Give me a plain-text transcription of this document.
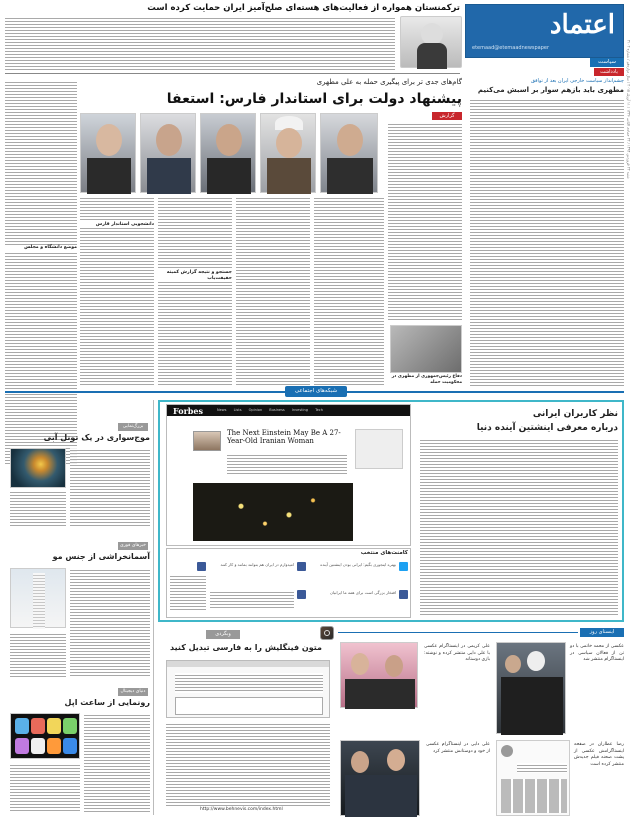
اعتماد
etemaad@etemaadnewspaper
سیاست
شنبه ۲۲ فروردین ۱۳۹۴ / ۲۲ جمادی الثانی ۱۴۳۶ / ۱۱ آوریل ۲۰۱۵ / سال دوازدهم / شماره ۳۱۰۲
ترکمنستان همواره از فعالیت‌های هسته‌ای صلح‌آمیز ایران حمایت کرده است
یادداشت
چشم‌انداز سیاست خارجی ایران بعد از توافق
مطهری باید بازهم سوار بر اسبش می‌کنیم
گام‌های جدی تر برای پیگیری حمله به علی مطهری
پیشنهاد دولت برای استاندار فارس: استعفا
جستجو و نتیجه گزارش کمیته حقیقت‌یاب
دانشجویی استاندار فارس
موضع دانشگاه و مجلس
گزارش
دفاع رئیس‌جمهوری از مطهری در محکومیت حمله
شبکه‌های اجتماعی
بزرگ‌نمایی
موج‌سواری در یک تونل آبی
خبرهای فوری
آسمانخراشی از جنس مو
دنیای دیجیتال
رونمایی از ساعت اپل
نظر کاربران ایرانی
درباره معرفی اینشتین آینده دنیا
Forbes	News Lists Opinion Business Investing Tech
The Next Einstein May Be A 27-Year-Old Iranian Woman
کامنت‌های منتخب
بهتره اینجوری بگیم: ایرانی بودن اینشتین آینده
امیدوارم در ایران هم بتوانند بمانند و کار کنند
افتخار بزرگی است برای همه ما ایرانیان
اینستای روز
عکسی از محمد خاتمی با دو تن از فعالان سیاسی در اینستاگرام منتشر شد
علی کریمی در اینستاگرام عکسی با علی دایی منتشر کرده و نوشته: بازی دوستانه
رضا عطاران در صفحه اینستاگرامش عکسی از پشت صحنه فیلم جدیدش منتشر کرده است
علی دایی در اینستاگرام عکسی از خود و دوستانش منتشر کرد
وبگردی
متون فینگلیش را به فارسی تبدیل کنید
http://www.behnevis.com/index.html
